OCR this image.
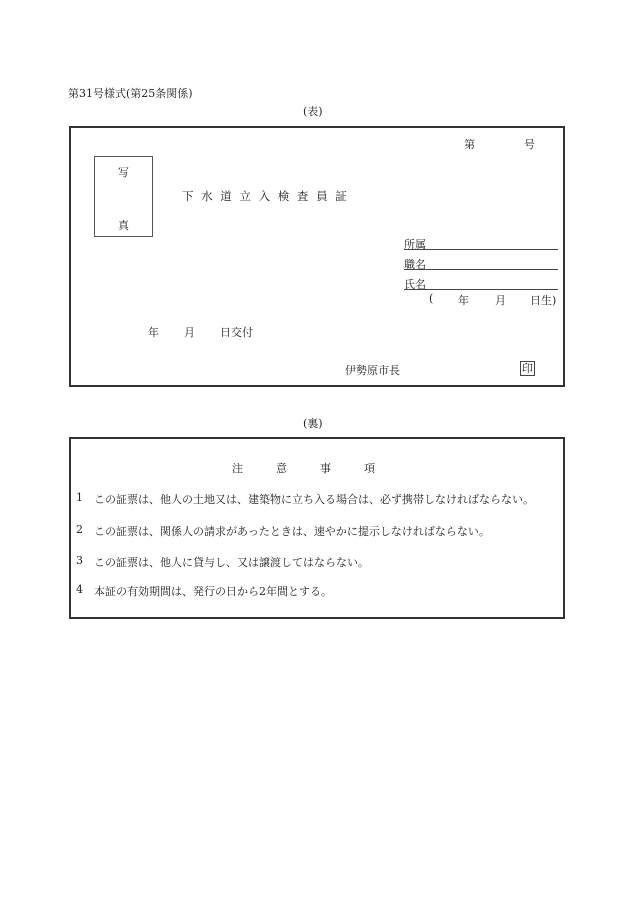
第31号様式(第25条関係)
(表)
第	号
写
真
下 水 道 立 入 検 査 員 証
所属
職名
氏名
( 年 月 日生)
年 月 日交付
伊勢原市長	印
(裏)
注　　　意　　　事　　　項
1 この証票は、他人の土地又は、建築物に立ち入る場合は、必ず携帯しなければならない。
2 この証票は、関係人の請求があったときは、速やかに提示しなければならない。
3 この証票は、他人に貸与し、又は譲渡してはならない。
4 本証の有効期間は、発行の日から2年間とする。
